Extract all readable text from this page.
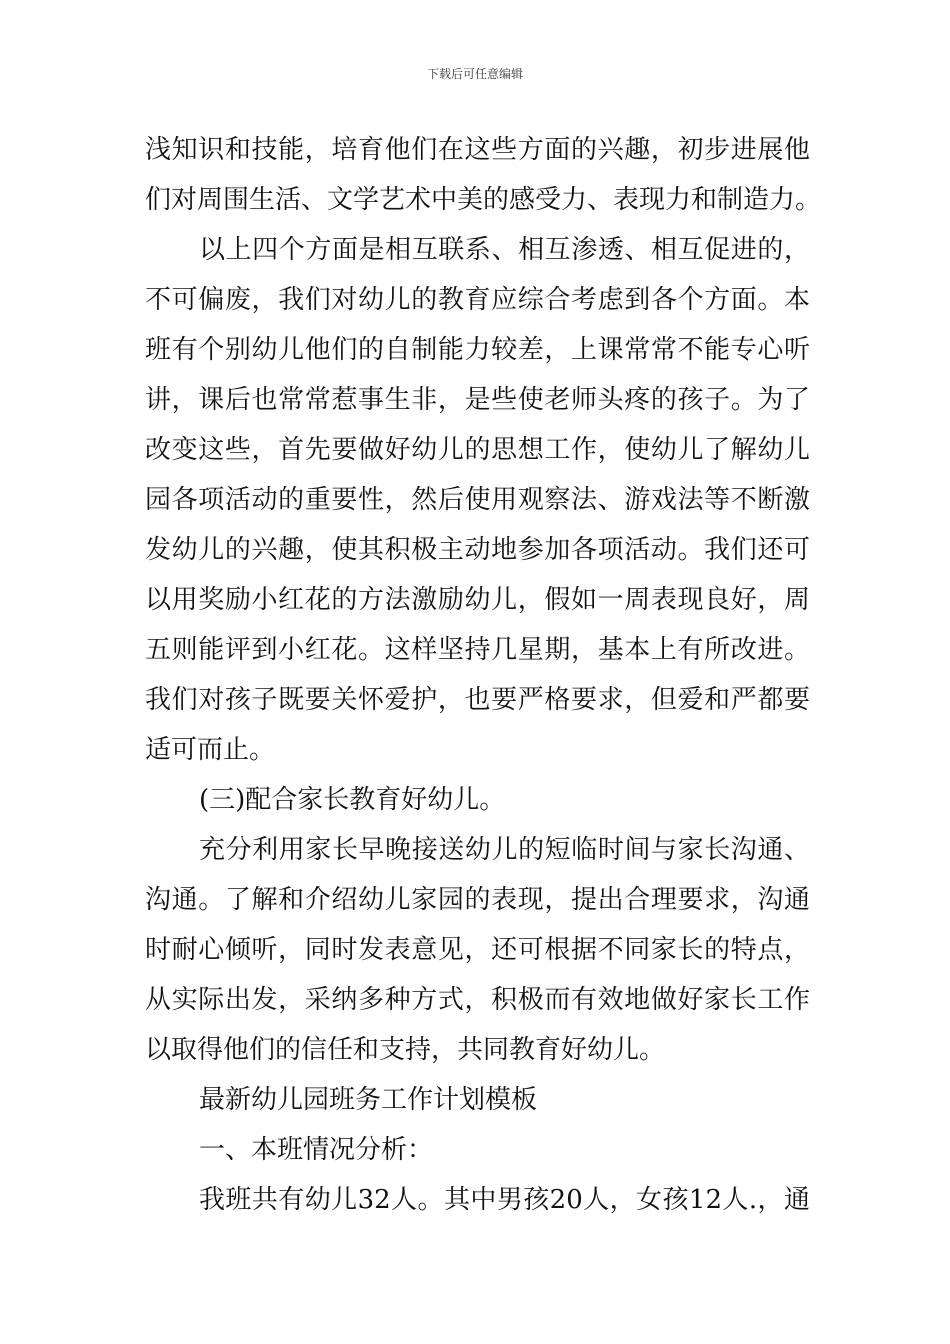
下载后可任意编辑
浅知识和技能，培育他们在这些方面的兴趣，初步进展他
们对周围生活、文学艺术中美的感受力、表现力和制造力。
以上四个方面是相互联系、相互渗透、相互促进的，
不可偏废，我们对幼儿的教育应综合考虑到各个方面。本
班有个别幼儿他们的自制能力较差，上课常常不能专心听
讲，课后也常常惹事生非，是些使老师头疼的孩子。为了
改变这些，首先要做好幼儿的思想工作，使幼儿了解幼儿
园各项活动的重要性，然后使用观察法、游戏法等不断激
发幼儿的兴趣，使其积极主动地参加各项活动。我们还可
以用奖励小红花的方法激励幼儿，假如一周表现良好，周
五则能评到小红花。这样坚持几星期，基本上有所改进。
我们对孩子既要关怀爱护，也要严格要求，但爱和严都要
适可而止。
(三)配合家长教育好幼儿。
充分利用家长早晚接送幼儿的短临时间与家长沟通、
沟通。了解和介绍幼儿家园的表现，提出合理要求，沟通
时耐心倾听，同时发表意见，还可根据不同家长的特点，
从实际出发，采纳多种方式，积极而有效地做好家长工作
以取得他们的信任和支持，共同教育好幼儿。
最新幼儿园班务工作计划模板
一、本班情况分析：
我班共有幼儿32人。其中男孩20人，女孩12人.，通
